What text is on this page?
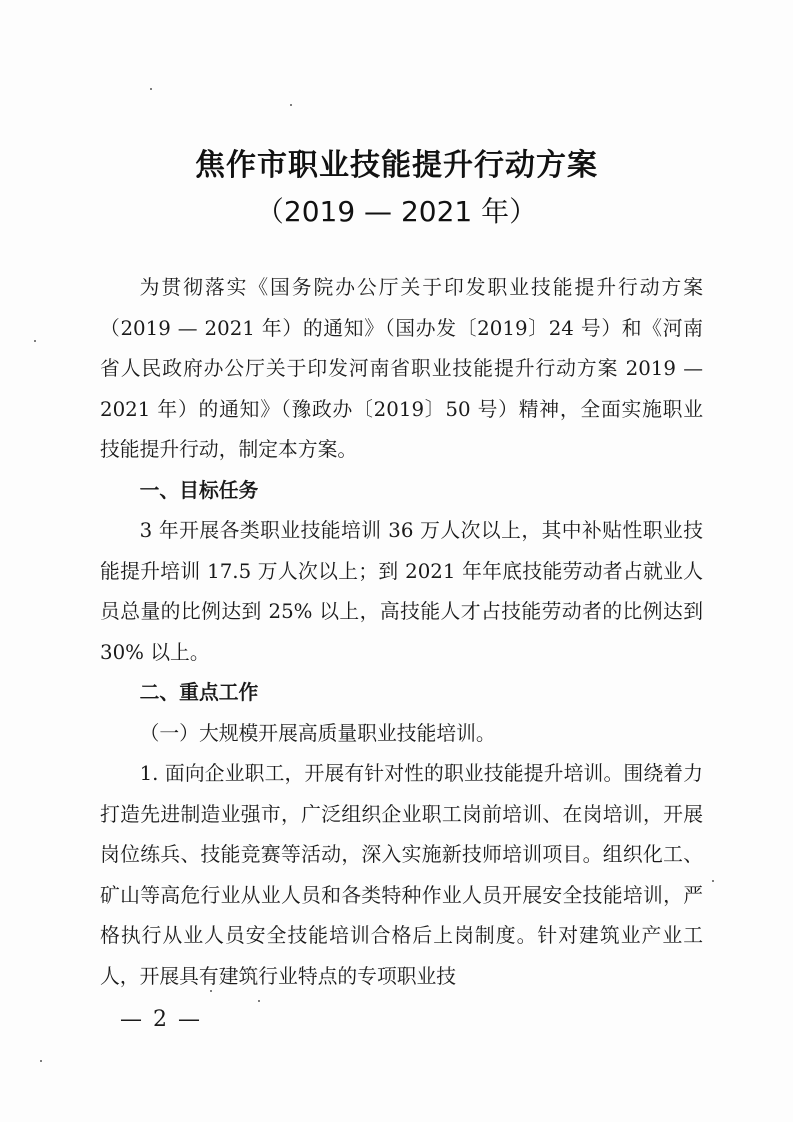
焦作市职业技能提升行动方案
（2019 — 2021 年）

为贯彻落实《国务院办公厅关于印发职业技能提升行动方案（2019 — 2021 年）的通知》（国办发〔2019〕24 号）和《河南省人民政府办公厅关于印发河南省职业技能提升行动方案 2019 — 2021 年）的通知》（豫政办〔2019〕50 号）精神，全面实施职业技能提升行动，制定本方案。

一、目标任务

3 年开展各类职业技能培训 36 万人次以上，其中补贴性职业技能提升培训 17.5 万人次以上；到 2021 年年底技能劳动者占就业人员总量的比例达到 25% 以上，高技能人才占技能劳动者的比例达到 30% 以上。

二、重点工作

（一）大规模开展高质量职业技能培训。

1. 面向企业职工，开展有针对性的职业技能提升培训。围绕着力打造先进制造业强市，广泛组织企业职工岗前培训、在岗培训，开展岗位练兵、技能竞赛等活动，深入实施新技师培训项目。组织化工、矿山等高危行业从业人员和各类特种作业人员开展安全技能培训，严格执行从业人员安全技能培训合格后上岗制度。针对建筑业产业工人，开展具有建筑行业特点的专项职业技

— 2 —
